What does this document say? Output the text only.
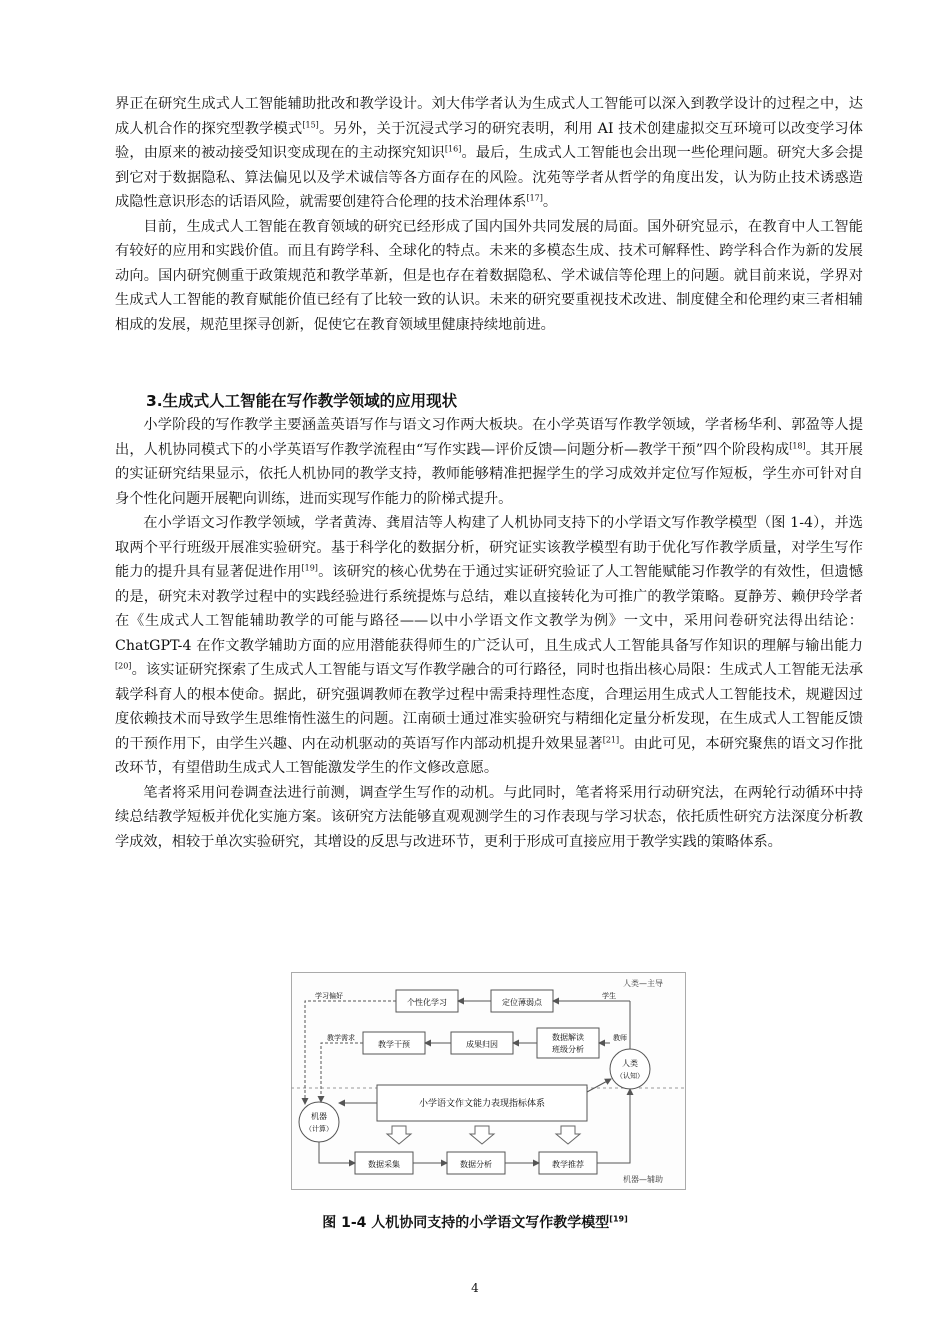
界正在研究生成式人工智能辅助批改和教学设计。刘大伟学者认为生成式人工智能可以深入到教学设计的过程之中，达成人机合作的探究型教学模式[15]。另外，关于沉浸式学习的研究表明，利用 AI 技术创建虚拟交互环境可以改变学习体验，由原来的被动接受知识变成现在的主动探究知识[16]。最后，生成式人工智能也会出现一些伦理问题。研究大多会提到它对于数据隐私、算法偏见以及学术诚信等各方面存在的风险。沈苑等学者从哲学的角度出发，认为防止技术诱惑造成隐性意识形态的话语风险，就需要创建符合伦理的技术治理体系[17]。

目前，生成式人工智能在教育领域的研究已经形成了国内国外共同发展的局面。国外研究显示，在教育中人工智能有较好的应用和实践价值。而且有跨学科、全球化的特点。未来的多模态生成、技术可解释性、跨学科合作为新的发展动向。国内研究侧重于政策规范和教学革新，但是也存在着数据隐私、学术诚信等伦理上的问题。就目前来说，学界对生成式人工智能的教育赋能价值已经有了比较一致的认识。未来的研究要重视技术改进、制度健全和伦理约束三者相辅相成的发展，规范里探寻创新，促使它在教育领域里健康持续地前进。

3.生成式人工智能在写作教学领域的应用现状

小学阶段的写作教学主要涵盖英语写作与语文习作两大板块。在小学英语写作教学领域，学者杨华利、郭盈等人提出，人机协同模式下的小学英语写作教学流程由“写作实践—评价反馈—问题分析—教学干预”四个阶段构成[18]。其开展的实证研究结果显示，依托人机协同的教学支持，教师能够精准把握学生的学习成效并定位写作短板，学生亦可针对自身个性化问题开展靶向训练，进而实现写作能力的阶梯式提升。

在小学语文习作教学领域，学者黄涛、龚眉洁等人构建了人机协同支持下的小学语文写作教学模型（图 1-4），并选取两个平行班级开展准实验研究。基于科学化的数据分析，研究证实该教学模型有助于优化写作教学质量，对学生写作能力的提升具有显著促进作用[19]。该研究的核心优势在于通过实证研究验证了人工智能赋能习作教学的有效性，但遗憾的是，研究未对教学过程中的实践经验进行系统提炼与总结，难以直接转化为可推广的教学策略。夏静芳、赖伊玲学者在《生成式人工智能辅助教学的可能与路径——以中小学语文作文教学为例》一文中，采用问卷研究法得出结论：ChatGPT-4 在作文教学辅助方面的应用潜能获得师生的广泛认可，且生成式人工智能具备写作知识的理解与输出能力[20]。该实证研究探索了生成式人工智能与语文写作教学融合的可行路径，同时也指出核心局限：生成式人工智能无法承载学科育人的根本使命。据此，研究强调教师在教学过程中需秉持理性态度，合理运用生成式人工智能技术，规避因过度依赖技术而导致学生思维惰性滋生的问题。江南硕士通过准实验研究与精细化定量分析发现，在生成式人工智能反馈的干预作用下，由学生兴趣、内在动机驱动的英语写作内部动机提升效果显著[21]。由此可见，本研究聚焦的语文习作批改环节，有望借助生成式人工智能激发学生的作文修改意愿。

笔者将采用问卷调查法进行前测，调查学生写作的动机。与此同时，笔者将采用行动研究法，在两轮行动循环中持续总结教学短板并优化实施方案。该研究方法能够直观观测学生的习作表现与学习状态，依托质性研究方法深度分析教学成效，相较于单次实验研究，其增设的反思与改进环节，更利于形成可直接应用于教学实践的策略体系。

人类—主导
机器—辅助
个性化学习	定位薄弱点
教学干预	成果归因
数据解读
班级分析
人类
（认知）
机器
（计算）
小学语文作文能力表现指标体系
数据采集	数据分析	教学推荐
学生
教师
学习偏好
教学需求
图 1-4 人机协同支持的小学语文写作教学模型[19]
4
